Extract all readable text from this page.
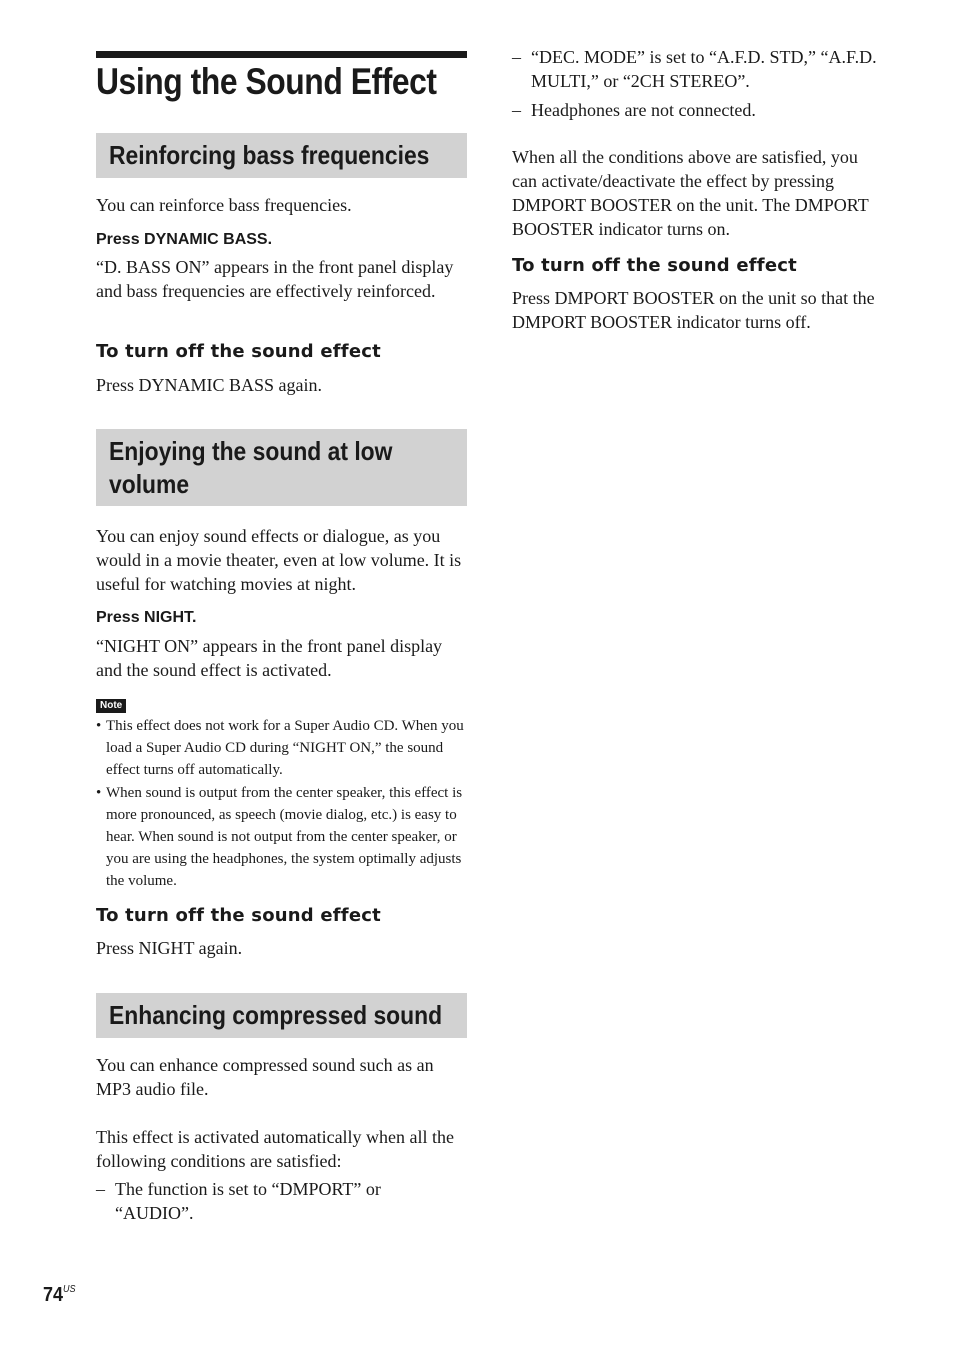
Using the Sound Effect
Reinforcing bass frequencies

You can reinforce bass frequencies.

Press DYNAMIC BASS.

“D. BASS ON” appears in the front panel display and bass frequencies are effectively reinforced.

To turn off the sound effect

Press DYNAMIC BASS again.

Enjoying the sound at low volume

You can enjoy sound effects or dialogue, as you would in a movie theater, even at low volume. It is useful for watching movies at night.

Press NIGHT.

“NIGHT ON” appears in the front panel display and the sound effect is activated.

Note

• This effect does not work for a Super Audio CD. When you load a Super Audio CD during “NIGHT ON,” the sound effect turns off automatically.

• When sound is output from the center speaker, this effect is more pronounced, as speech (movie dialog, etc.) is easy to hear. When sound is not output from the center speaker, or you are using the headphones, the system optimally adjusts the volume.

To turn off the sound effect

Press NIGHT again.

Enhancing compressed sound

You can enhance compressed sound such as an MP3 audio file.

This effect is activated automatically when all the following conditions are satisfied:

– The function is set to “DMPORT” or “AUDIO”.

– “DEC. MODE” is set to “A.F.D. STD,” “A.F.D. MULTI,” or “2CH STEREO”.

– Headphones are not connected.

When all the conditions above are satisfied, you can activate/deactivate the effect by pressing DMPORT BOOSTER on the unit. The DMPORT BOOSTER indicator turns on.

To turn off the sound effect

Press DMPORT BOOSTER on the unit so that the DMPORT BOOSTER indicator turns off.

$74^{US}$
